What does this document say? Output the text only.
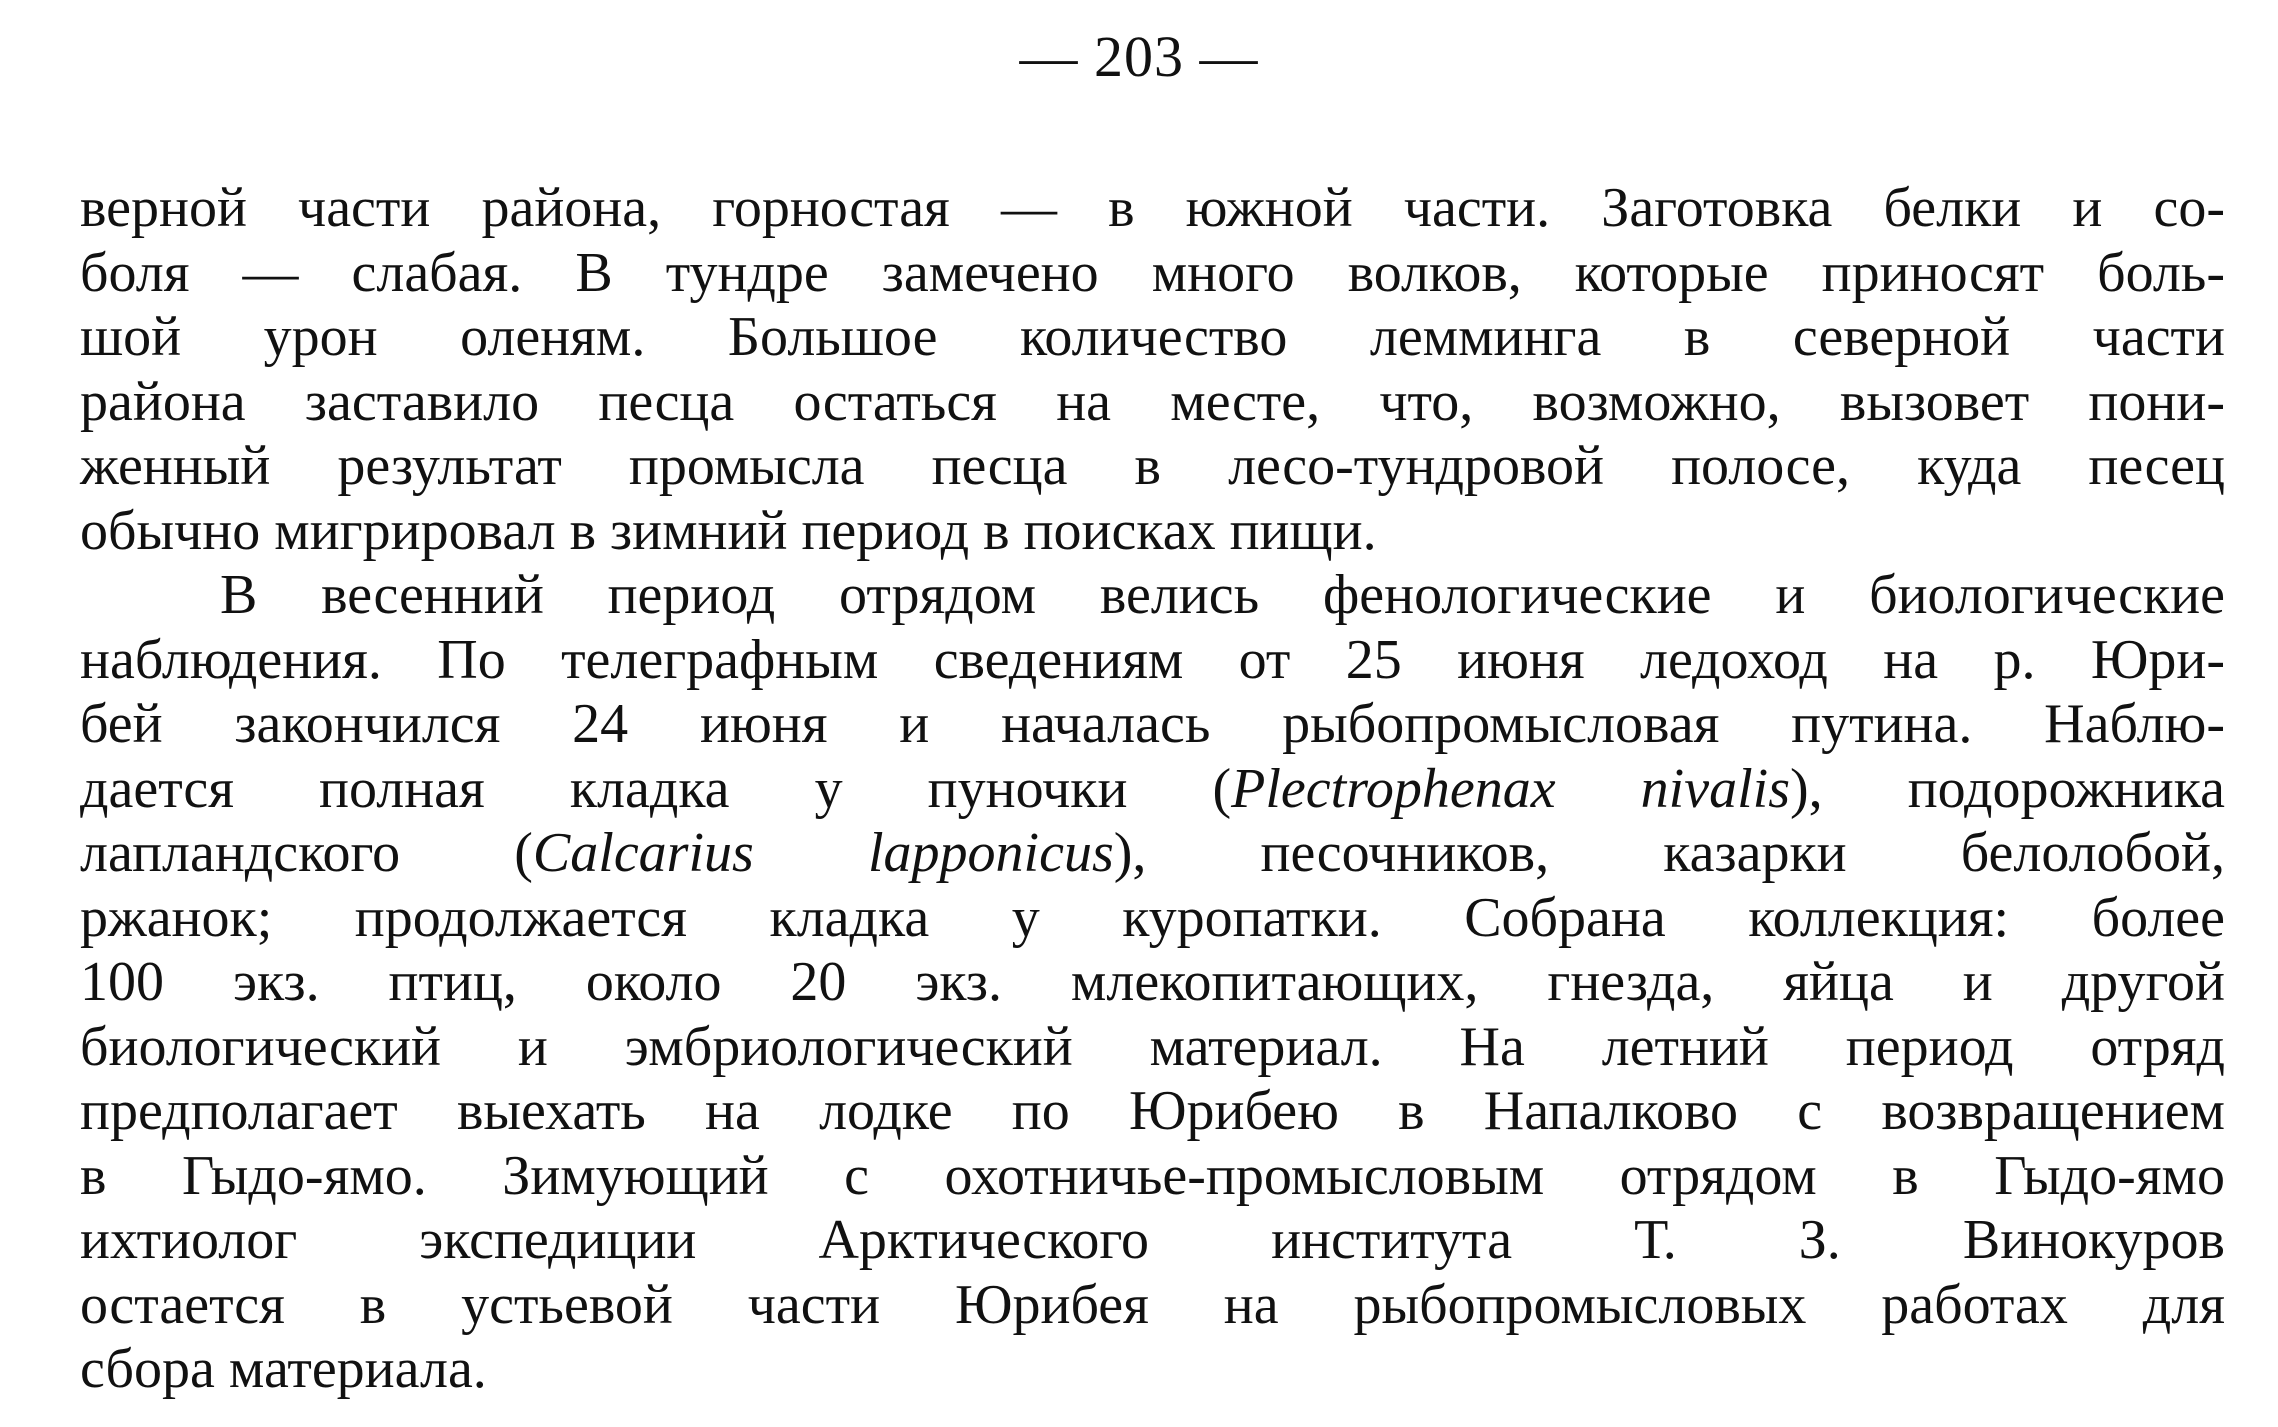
— 203 —
верной части района, горностая — в южной части. Заготовка белки и со-
боля — слабая. В тундре замечено много волков, которые приносят боль-
шой урон оленям. Большое количество лемминга в северной части
района заставило песца остаться на месте, что, возможно, вызовет пони-
женный результат промысла песца в лесо-тундровой полосе, куда песец
обычно мигрировал в зимний период в поисках пищи.
В весенний период отрядом велись фенологические и биологические
наблюдения. По телеграфным сведениям от 25 июня ледоход на р. Юри-
бей закончился 24 июня и началась рыбопромысловая путина. Наблю-
дается полная кладка у пуночки (Plectrophenax nivalis), подорожника
лапландского (Calcarius lapponicus), песочников, казарки белолобой,
ржанок; продолжается кладка у куропатки. Собрана коллекция: более
100 экз. птиц, около 20 экз. млекопитающих, гнезда, яйца и другой
биологический и эмбриологический материал. На летний период отряд
предполагает выехать на лодке по Юрибею в Напалково с возвращением
в Гыдо-ямо. Зимующий с охотничье-промысловым отрядом в Гыдо-ямо
ихтиолог экспедиции Арктического института Т. З. Винокуров
остается в устьевой части Юрибея на рыбопромысловых работах для
сбора материала.
